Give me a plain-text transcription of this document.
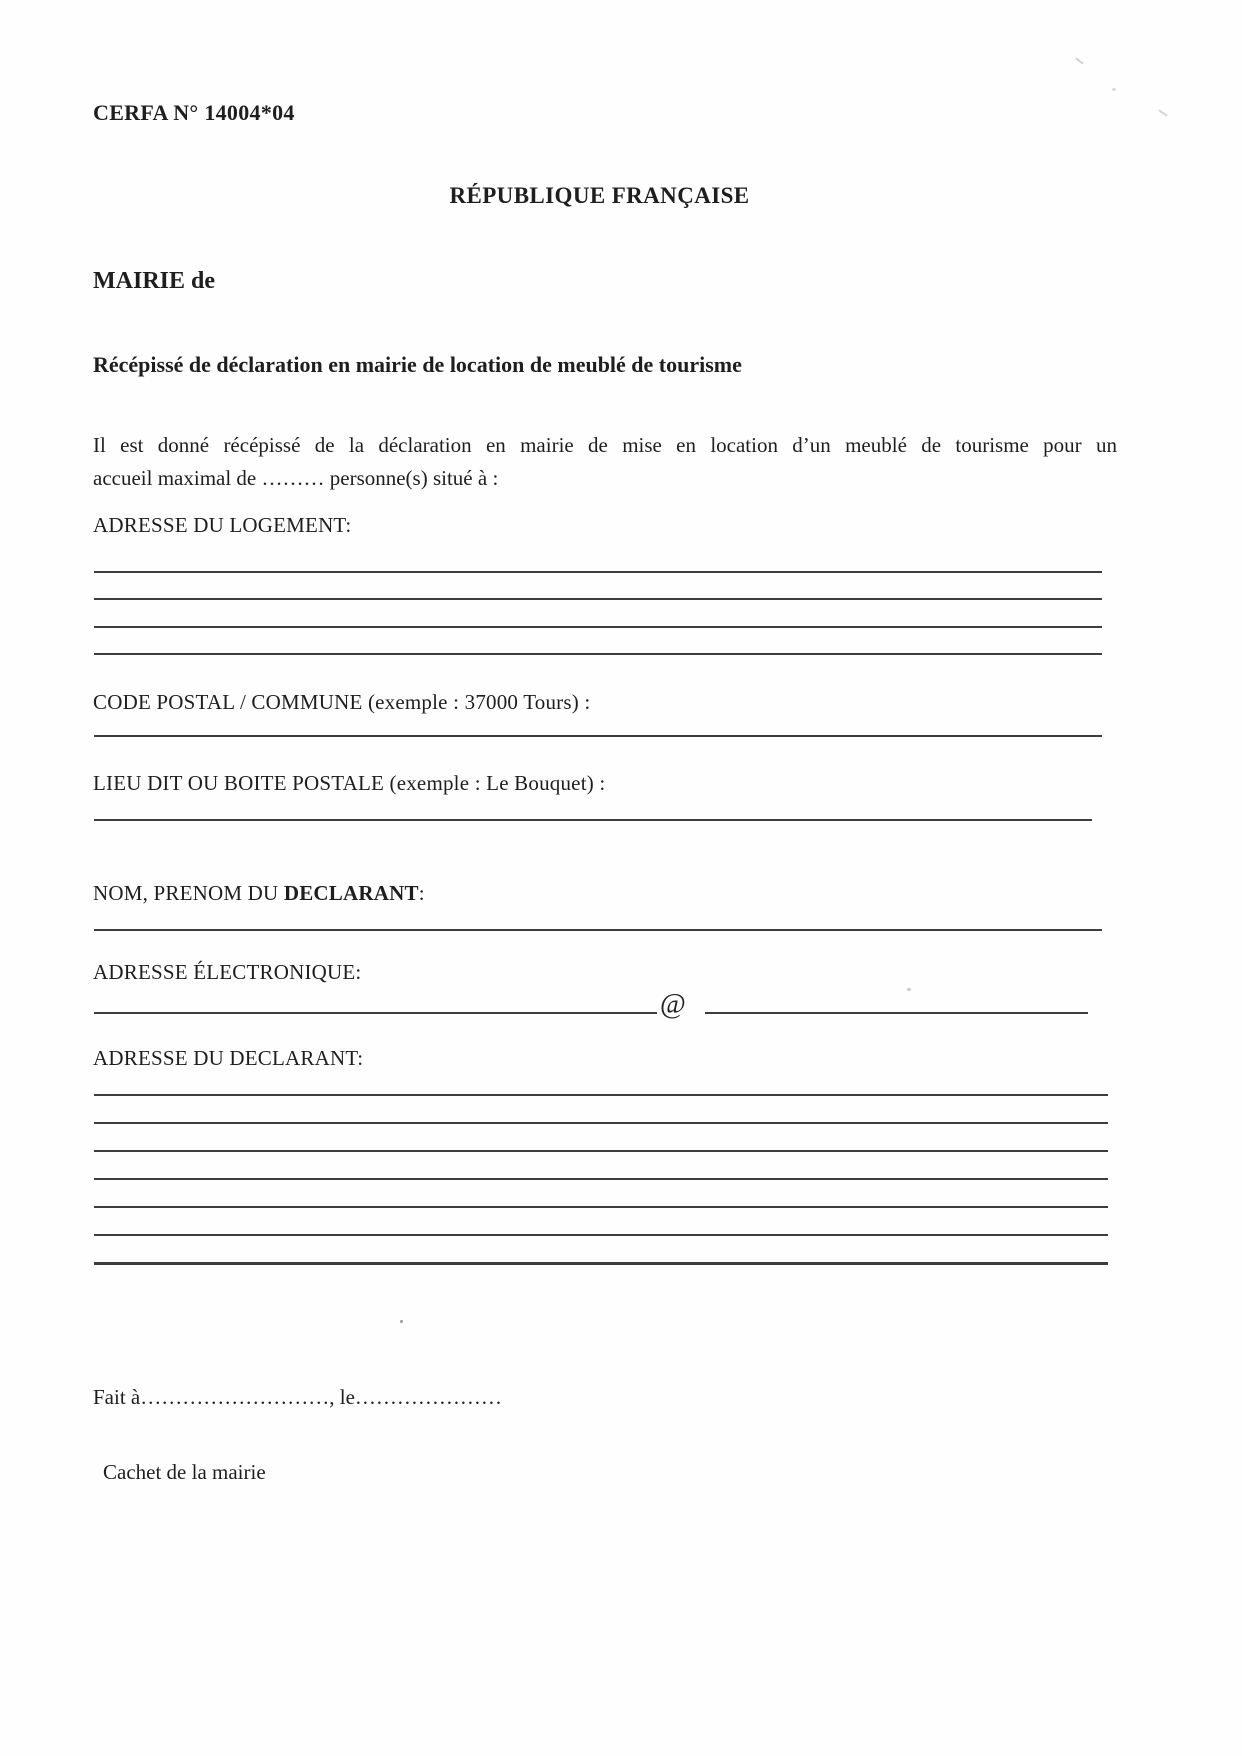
CERFA N° 14004*04
RÉPUBLIQUE FRANÇAISE
MAIRIE de
Récépissé de déclaration en mairie de location de meublé de tourisme
Il est donné récépissé de la déclaration en mairie de mise en location d’un meublé de tourisme pour un
accueil maximal de ……… personne(s) situé à :
ADRESSE DU LOGEMENT:
CODE POSTAL / COMMUNE (exemple : 37000 Tours) :
LIEU DIT OU BOITE POSTALE (exemple : Le Bouquet) :
NOM, PRENOM DU DECLARANT:
ADRESSE ÉLECTRONIQUE:
@
ADRESSE DU DECLARANT:
Fait à………………………, le…………………
Cachet de la mairie
